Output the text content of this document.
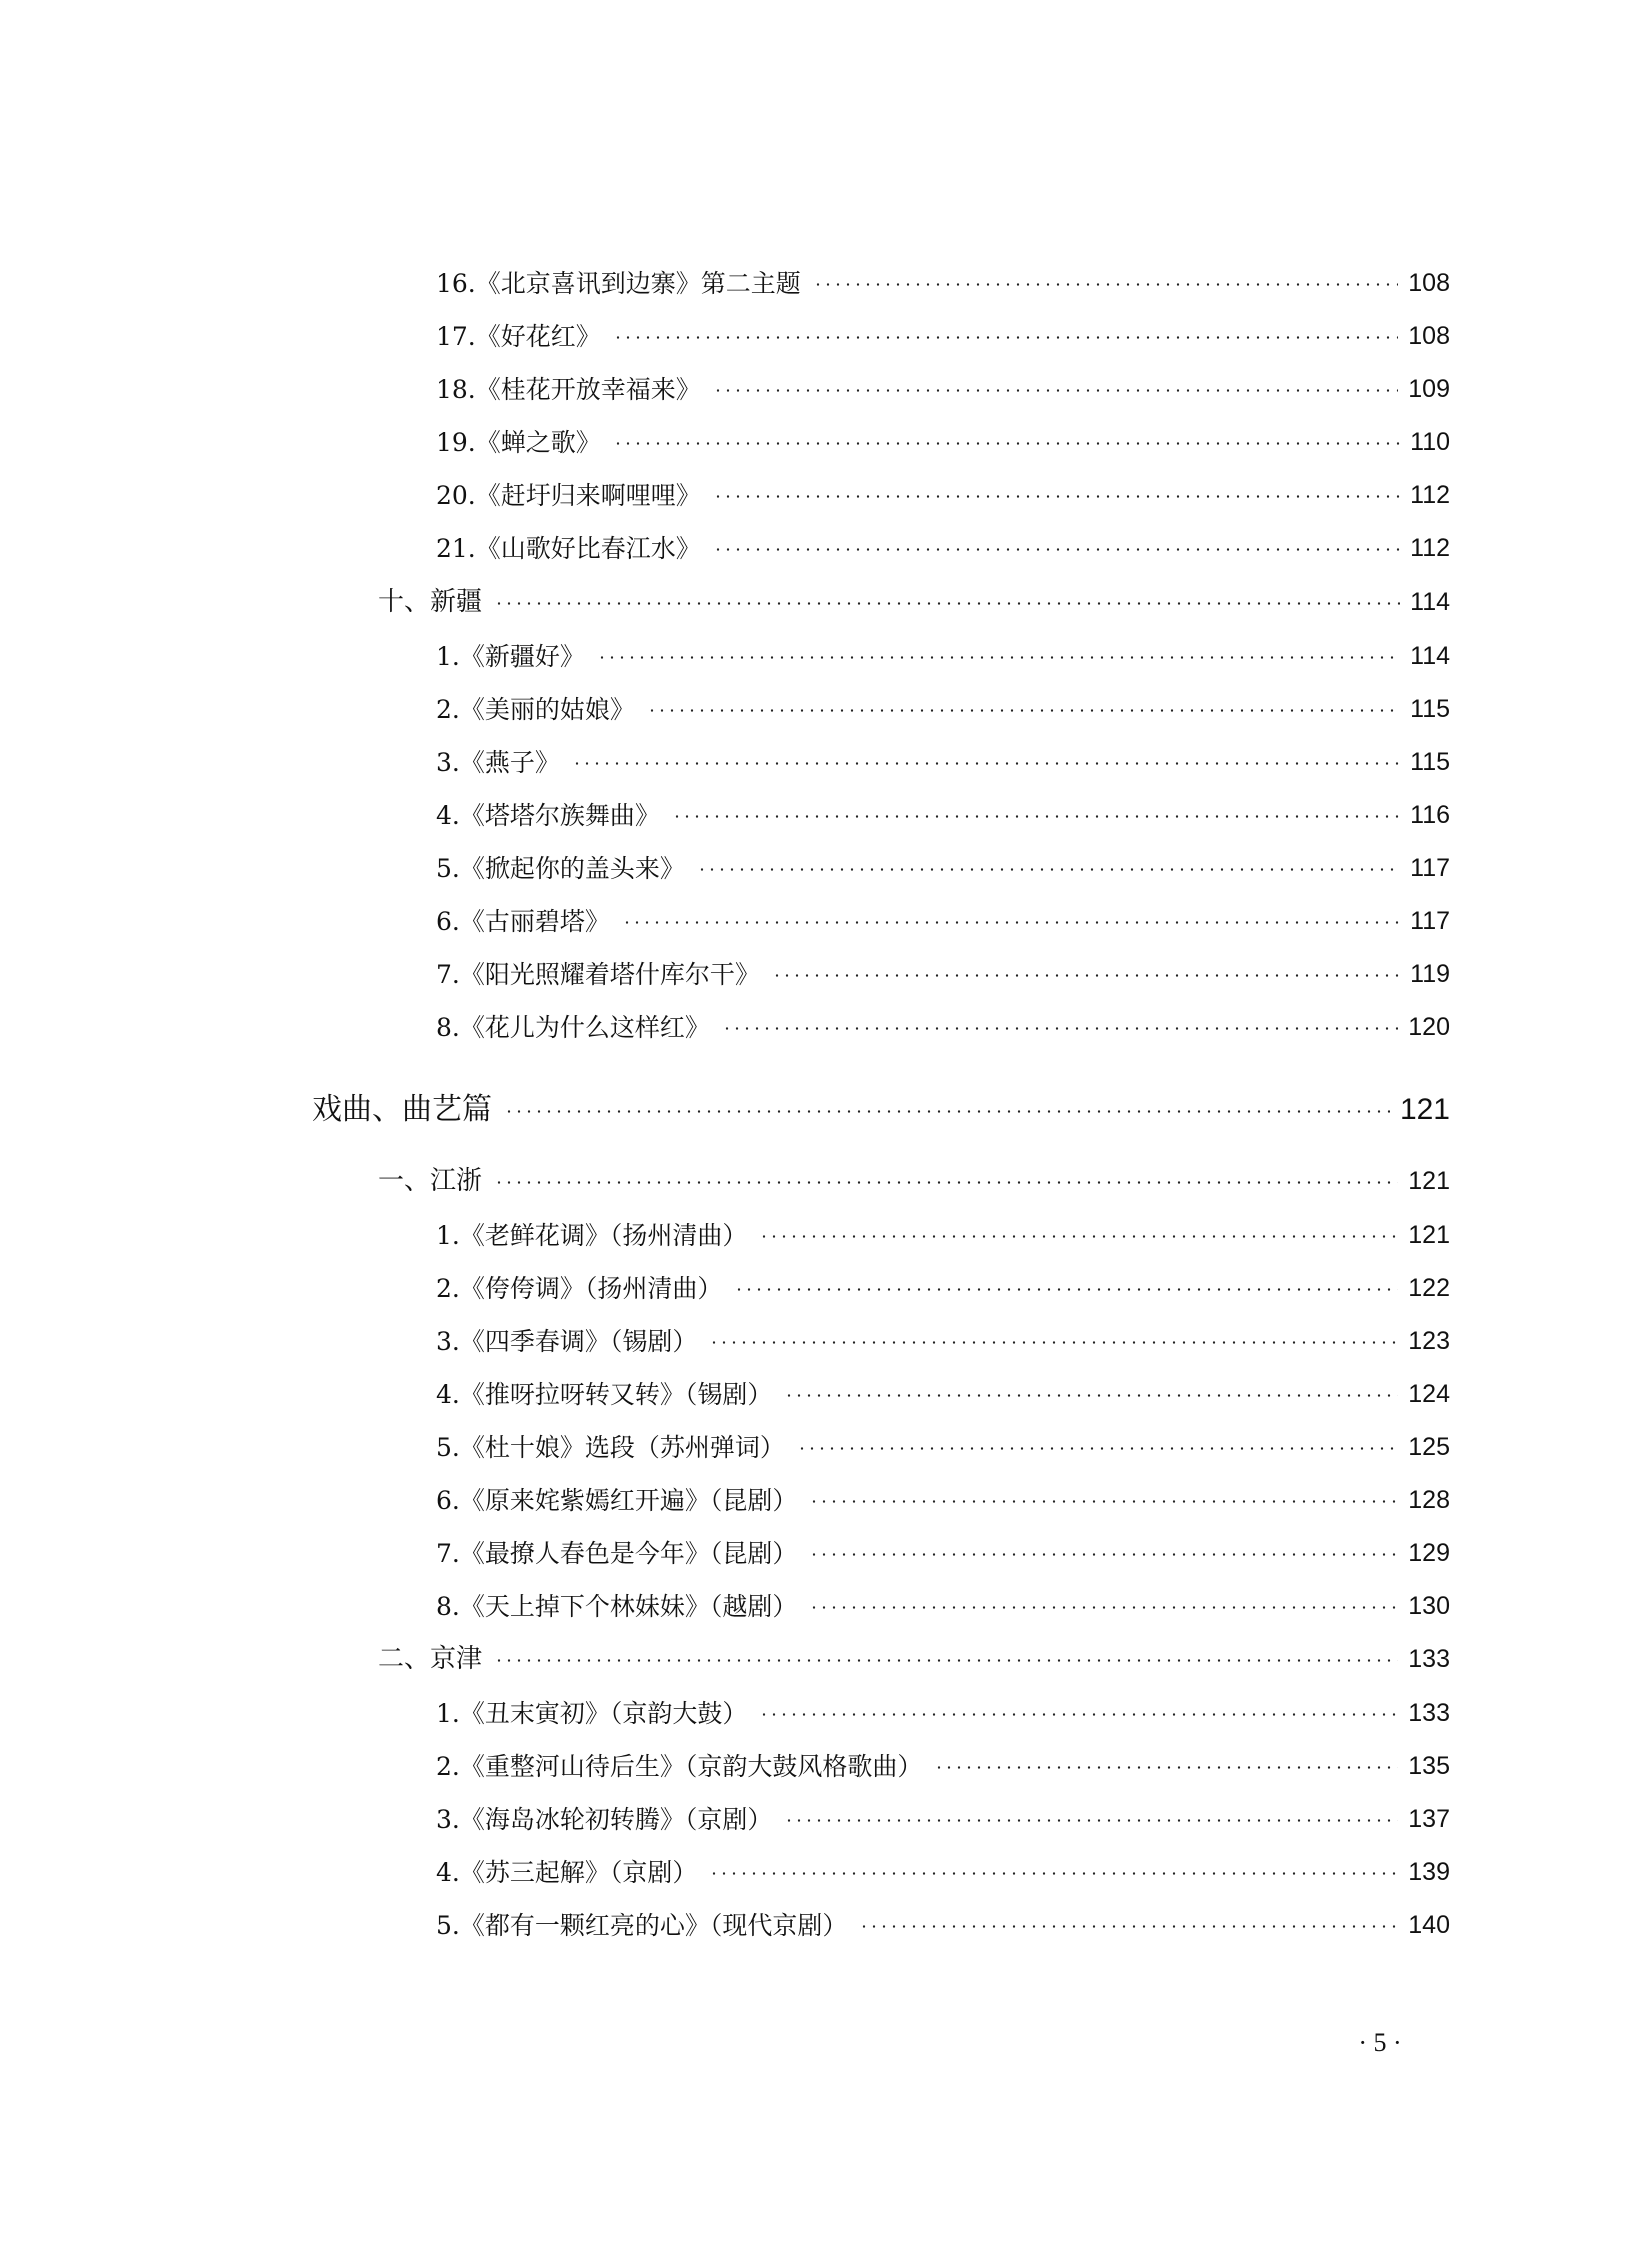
16.《北京喜讯到边寨》第二主题	108
17.《好花红》	108
18.《桂花开放幸福来》	109
19.《蝉之歌》	110
20.《赶圩归来啊哩哩》	112
21.《山歌好比春江水》	112
十、新疆	114
1.《新疆好》	114
2.《美丽的姑娘》	115
3.《燕子》	115
4.《塔塔尔族舞曲》	116
5.《掀起你的盖头来》	117
6.《古丽碧塔》	117
7.《阳光照耀着塔什库尔干》	119
8.《花儿为什么这样红》	120
戏曲、曲艺篇	121
一、江浙	121
1.《老鲜花调》（扬州清曲）	121
2.《侉侉调》（扬州清曲）	122
3.《四季春调》（锡剧）	123
4.《推呀拉呀转又转》（锡剧）	124
5.《杜十娘》选段（苏州弹词）	125
6.《原来姹紫嫣红开遍》（昆剧）	128
7.《最撩人春色是今年》（昆剧）	129
8.《天上掉下个林妹妹》（越剧）	130
二、京津	133
1.《丑末寅初》（京韵大鼓）	133
2.《重整河山待后生》（京韵大鼓风格歌曲）	135
3.《海岛冰轮初转腾》（京剧）	137
4.《苏三起解》（京剧）	139
5.《都有一颗红亮的心》（现代京剧）	140
· 5 ·
